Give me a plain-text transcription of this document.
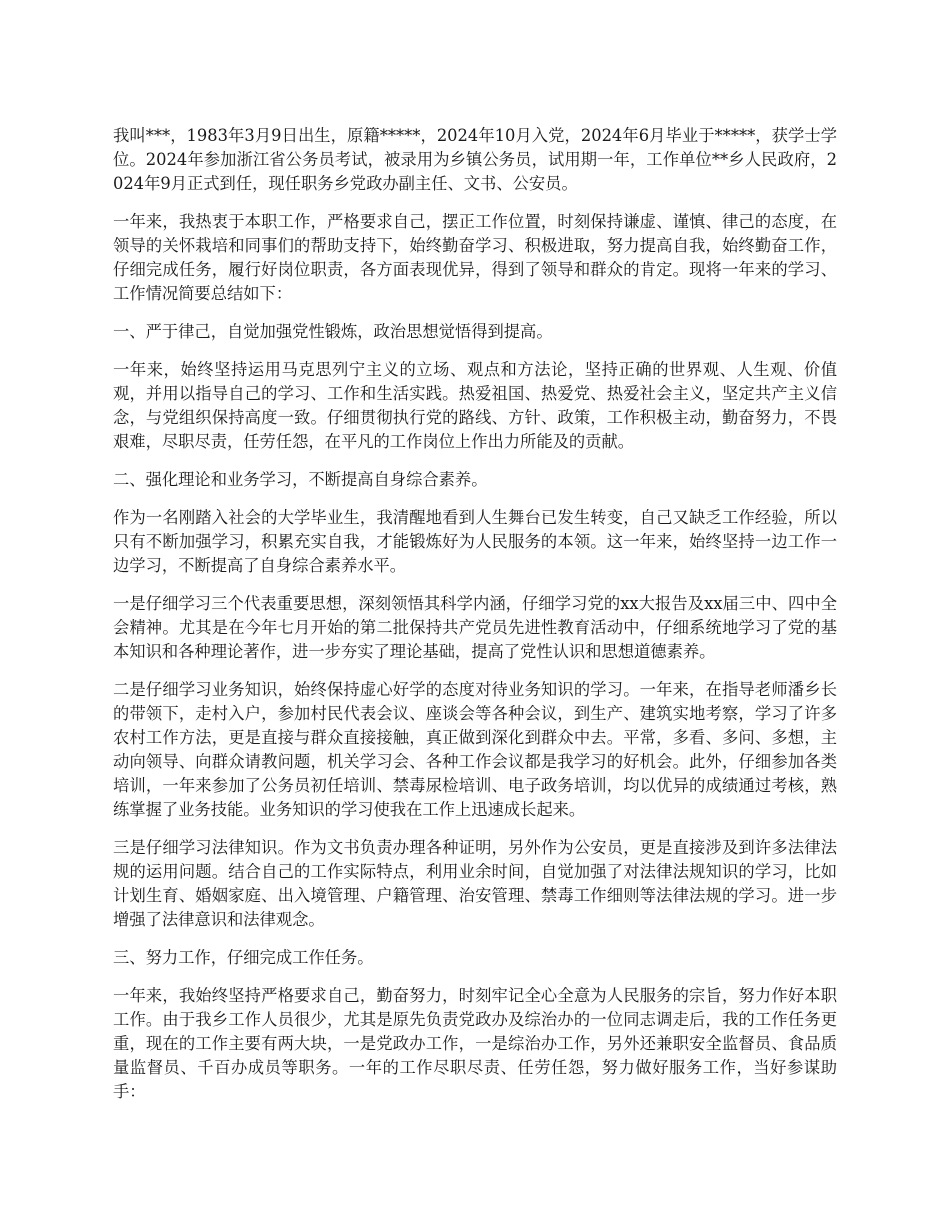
我叫***，1983年3月9日出生，原籍*****，2024年10月入党，2024年6月毕业于*****，获学士学位。2024年参加浙江省公务员考试，被录用为乡镇公务员，试用期一年，工作单位**乡人民政府，2024年9月正式到任，现任职务乡党政办副主任、文书、公安员。

一年来，我热衷于本职工作，严格要求自己，摆正工作位置，时刻保持谦虚、谨慎、律己的态度，在领导的关怀栽培和同事们的帮助支持下，始终勤奋学习、积极进取，努力提高自我，始终勤奋工作，仔细完成任务，履行好岗位职责，各方面表现优异，得到了领导和群众的肯定。现将一年来的学习、工作情况简要总结如下：

一、严于律己，自觉加强党性锻炼，政治思想觉悟得到提高。

一年来，始终坚持运用马克思列宁主义的立场、观点和方法论，坚持正确的世界观、人生观、价值观，并用以指导自己的学习、工作和生活实践。热爱祖国、热爱党、热爱社会主义，坚定共产主义信念，与党组织保持高度一致。仔细贯彻执行党的路线、方针、政策，工作积极主动，勤奋努力，不畏艰难，尽职尽责，任劳任怨，在平凡的工作岗位上作出力所能及的贡献。

二、强化理论和业务学习，不断提高自身综合素养。

作为一名刚踏入社会的大学毕业生，我清醒地看到人生舞台已发生转变，自己又缺乏工作经验，所以只有不断加强学习，积累充实自我，才能锻炼好为人民服务的本领。这一年来，始终坚持一边工作一边学习，不断提高了自身综合素养水平。

一是仔细学习三个代表重要思想，深刻领悟其科学内涵，仔细学习党的xx大报告及xx届三中、四中全会精神。尤其是在今年七月开始的第二批保持共产党员先进性教育活动中，仔细系统地学习了党的基本知识和各种理论著作，进一步夯实了理论基础，提高了党性认识和思想道德素养。

二是仔细学习业务知识，始终保持虚心好学的态度对待业务知识的学习。一年来，在指导老师潘乡长的带领下，走村入户，参加村民代表会议、座谈会等各种会议，到生产、建筑实地考察，学习了许多农村工作方法，更是直接与群众直接接触，真正做到深化到群众中去。平常，多看、多问、多想，主动向领导、向群众请教问题，机关学习会、各种工作会议都是我学习的好机会。此外，仔细参加各类培训，一年来参加了公务员初任培训、禁毒尿检培训、电子政务培训，均以优异的成绩通过考核，熟练掌握了业务技能。业务知识的学习使我在工作上迅速成长起来。

三是仔细学习法律知识。作为文书负责办理各种证明，另外作为公安员，更是直接涉及到许多法律法规的运用问题。结合自己的工作实际特点，利用业余时间，自觉加强了对法律法规知识的学习，比如计划生育、婚姻家庭、出入境管理、户籍管理、治安管理、禁毒工作细则等法律法规的学习。进一步增强了法律意识和法律观念。

三、努力工作，仔细完成工作任务。

一年来，我始终坚持严格要求自己，勤奋努力，时刻牢记全心全意为人民服务的宗旨，努力作好本职工作。由于我乡工作人员很少，尤其是原先负责党政办及综治办的一位同志调走后，我的工作任务更重，现在的工作主要有两大块，一是党政办工作，一是综治办工作，另外还兼职安全监督员、食品质量监督员、千百办成员等职务。一年的工作尽职尽责、任劳任怨，努力做好服务工作，当好参谋助手：
